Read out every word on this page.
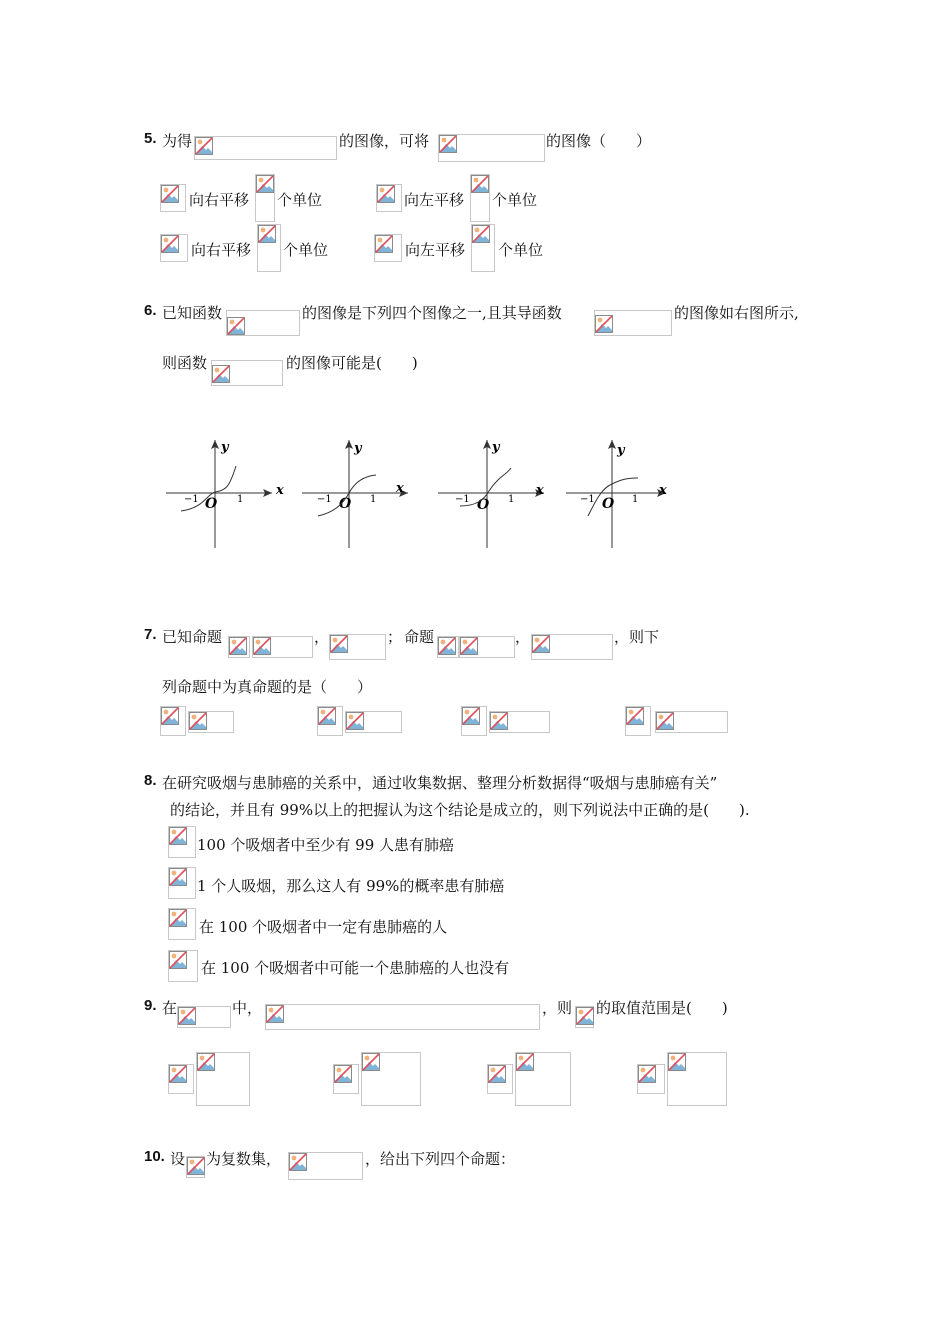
5. 为得	的图像，可将	的图像（　　）
向右平移 个单位	向左平移 个单位
向右平移 个单位	向左平移 个单位
6. 已知函数	的图像是下列四个图像之一,且其导函数	的图像如右图所示,
则函数	的图像可能是(　　)
x
y
O
−1	1
x
y
O
−1	1
x
y
O
−1	1
x
y
O
−1	1
7. 已知命题	，	； 命题	，	，则下
列命题中为真命题的是（　　）
8. 在研究吸烟与患肺癌的关系中，通过收集数据、整理分析数据得“吸烟与患肺癌有关”
的结论，并且有 99%以上的把握认为这个结论是成立的，则下列说法中正确的是(　　).
100 个吸烟者中至少有 99 人患有肺癌
1 个人吸烟，那么这人有 99%的概率患有肺癌
在 100 个吸烟者中一定有患肺癌的人
在 100 个吸烟者中可能一个患肺癌的人也没有
9. 在	中，	，则 的取值范围是(　　)
10. 设 为复数集，	，给出下列四个命题：
